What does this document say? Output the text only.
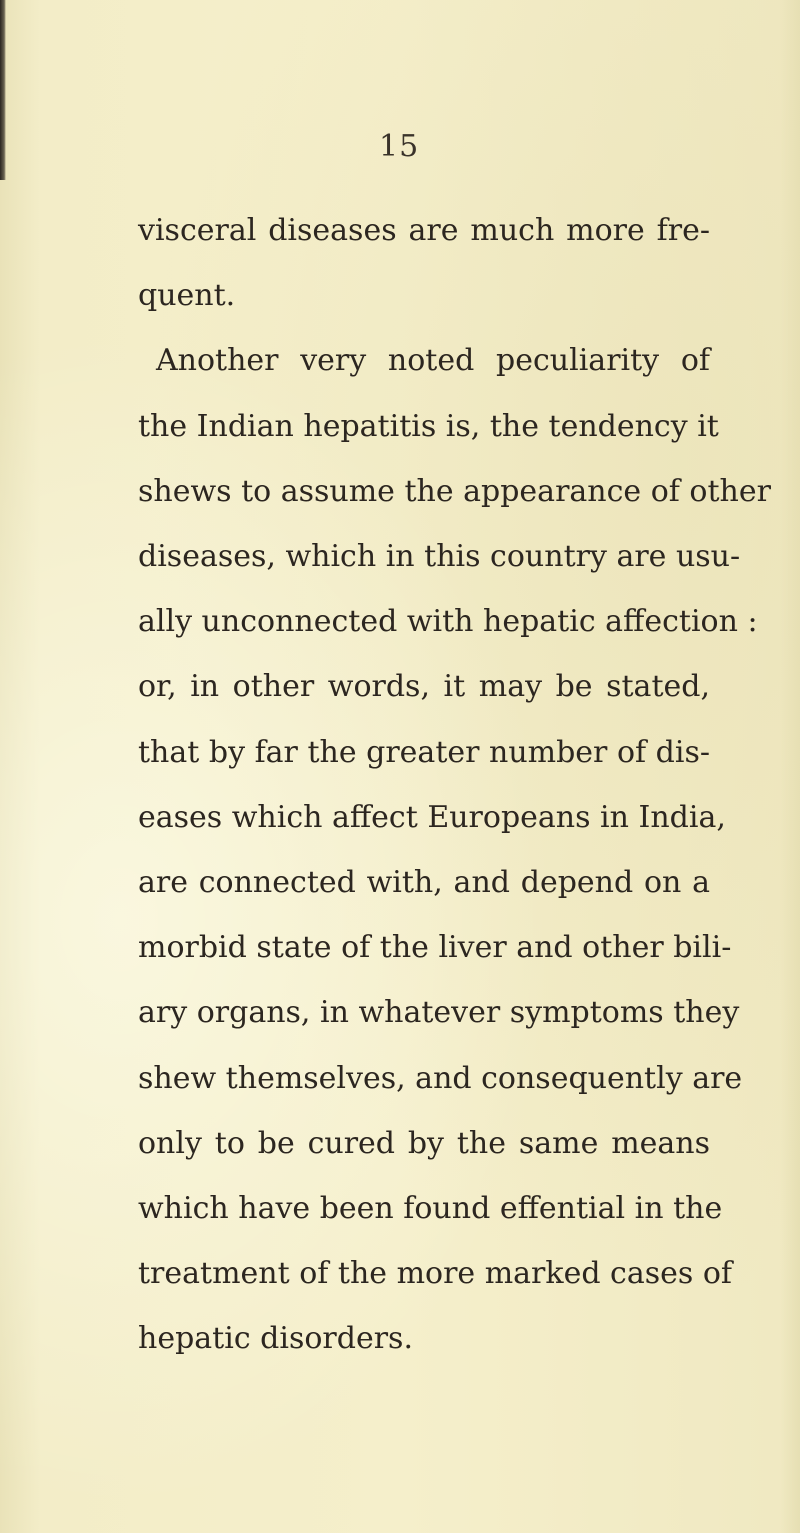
15
visceral diseases are much more fre-
quent.
Another very noted peculiarity of
the Indian hepatitis is, the tendency it
shews to assume the appearance of other
diseases, which in this country are usu-
ally unconnected with hepatic affection :
or, in other words, it may be stated,
that by far the greater number of dis-
eases which affect Europeans in India,
are connected with, and depend on a
morbid state of the liver and other bili-
ary organs, in whatever symptoms they
shew themselves, and consequently are
only to be cured by the same means
which have been found effential in the
treatment of the more marked cases of
hepatic disorders.
